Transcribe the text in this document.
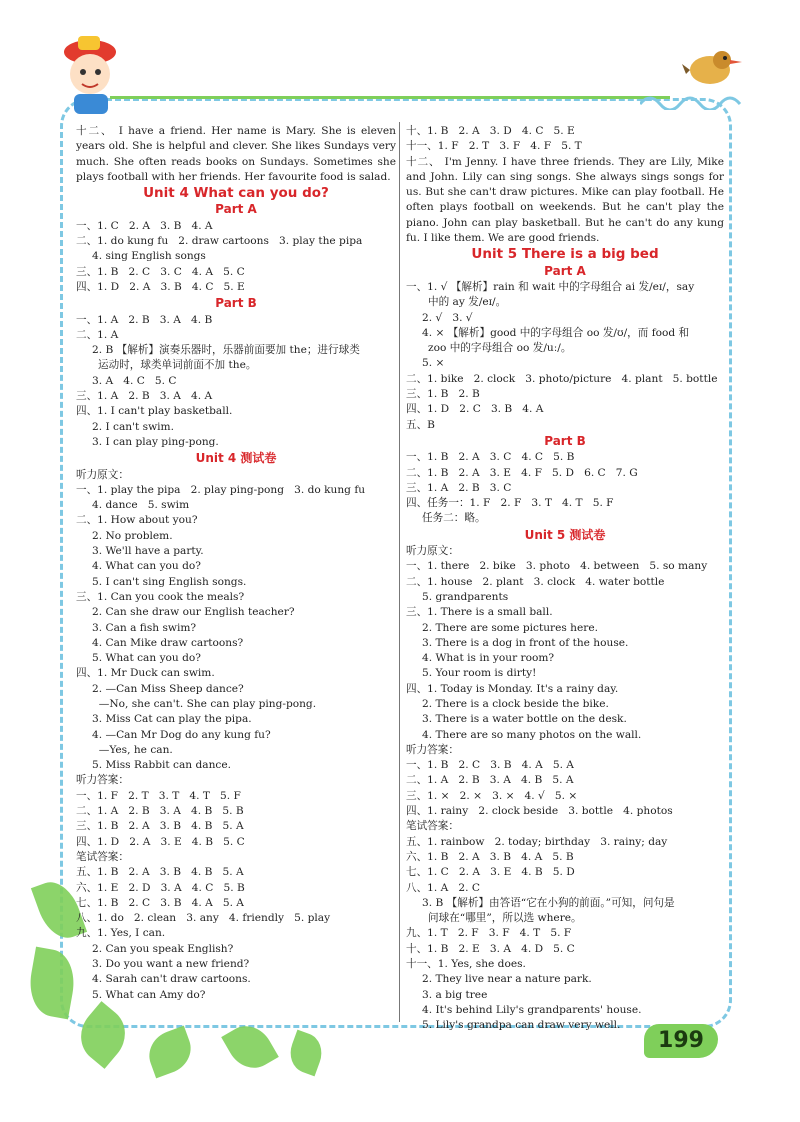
十二、 I have a friend. Her name is Mary. She is eleven years old. She is helpful and clever. She likes Sundays very much. She often reads books on Sundays. Sometimes she plays football with her friends. Her favourite food is salad.
Unit 4 What can you do?
Part A
一、1. C   2. A   3. B   4. A
二、1. do kung fu   2. draw cartoons   3. play the pipa
4. sing English songs
三、1. B   2. C   3. C   4. A   5. C
四、1. D   2. A   3. B   4. C   5. E
Part B
一、1. A   2. B   3. A   4. B
二、1. A
2. B 【解析】演奏乐器时，乐器前面要加 the；进行球类
运动时，球类单词前面不加 the。
3. A   4. C   5. C
三、1. A   2. B   3. A   4. A
四、1. I can't play basketball.
2. I can't swim.
3. I can play ping-pong.
Unit 4 测试卷
听力原文：
一、1. play the pipa   2. play ping-pong   3. do kung fu
4. dance   5. swim
二、1. How about you?
2. No problem.
3. We'll have a party.
4. What can you do?
5. I can't sing English songs.
三、1. Can you cook the meals?
2. Can she draw our English teacher?
3. Can a fish swim?
4. Can Mike draw cartoons?
5. What can you do?
四、1. Mr Duck can swim.
2. —Can Miss Sheep dance?
—No, she can't. She can play ping-pong.
3. Miss Cat can play the pipa.
4. —Can Mr Dog do any kung fu?
—Yes, he can.
5. Miss Rabbit can dance.
听力答案：
一、1. F   2. T   3. T   4. T   5. F
二、1. A   2. B   3. A   4. B   5. B
三、1. B   2. A   3. B   4. B   5. A
四、1. D   2. A   3. E   4. B   5. C
笔试答案：
五、1. B   2. A   3. B   4. B   5. A
六、1. E   2. D   3. A   4. C   5. B
七、1. B   2. C   3. B   4. A   5. A
八、1. do   2. clean   3. any   4. friendly   5. play
九、1. Yes, I can.
2. Can you speak English?
3. Do you want a new friend?
4. Sarah can't draw cartoons.
5. What can Amy do?
十、1. B   2. A   3. D   4. C   5. E
十一、1. F   2. T   3. F   4. F   5. T
十二、 I'm Jenny. I have three friends. They are Lily, Mike and John. Lily can sing songs. She always sings songs for us. But she can't draw pictures. Mike can play football. He often plays football on weekends. But he can't play the piano. John can play basketball. But he can't do any kung fu. I like them. We are good friends.
Unit 5 There is a big bed
Part A
一、1. √ 【解析】rain 和 wait 中的字母组合 ai 发/eɪ/，say
中的 ay 发/eɪ/。
2. √   3. √
4. × 【解析】good 中的字母组合 oo 发/ʊ/，而 food 和
zoo 中的字母组合 oo 发/uː/。
5. ×
二、1. bike   2. clock   3. photo/picture   4. plant   5. bottle
三、1. B   2. B
四、1. D   2. C   3. B   4. A
五、B
Part B
一、1. B   2. A   3. C   4. C   5. B
二、1. B   2. A   3. E   4. F   5. D   6. C   7. G
三、1. A   2. B   3. C
四、任务一：1. F   2. F   3. T   4. T   5. F
任务二：略。
Unit 5 测试卷
听力原文：
一、1. there   2. bike   3. photo   4. between   5. so many
二、1. house   2. plant   3. clock   4. water bottle
5. grandparents
三、1. There is a small ball.
2. There are some pictures here.
3. There is a dog in front of the house.
4. What is in your room?
5. Your room is dirty!
四、1. Today is Monday. It's a rainy day.
2. There is a clock beside the bike.
3. There is a water bottle on the desk.
4. There are so many photos on the wall.
听力答案：
一、1. B   2. C   3. B   4. A   5. A
二、1. A   2. B   3. A   4. B   5. A
三、1. ×   2. ×   3. ×   4. √   5. ×
四、1. rainy   2. clock beside   3. bottle   4. photos
笔试答案：
五、1. rainbow   2. today; birthday   3. rainy; day
六、1. B   2. A   3. B   4. A   5. B
七、1. C   2. A   3. E   4. B   5. D
八、1. A   2. C
3. B 【解析】由答语“它在小狗的前面。”可知，问句是
问球在“哪里”，所以选 where。
九、1. T   2. F   3. F   4. T   5. F
十、1. B   2. E   3. A   4. D   5. C
十一、1. Yes, she does.
2. They live near a nature park.
3. a big tree
4. It's behind Lily's grandparents' house.
5. Lily's grandpa can draw very well.
199
